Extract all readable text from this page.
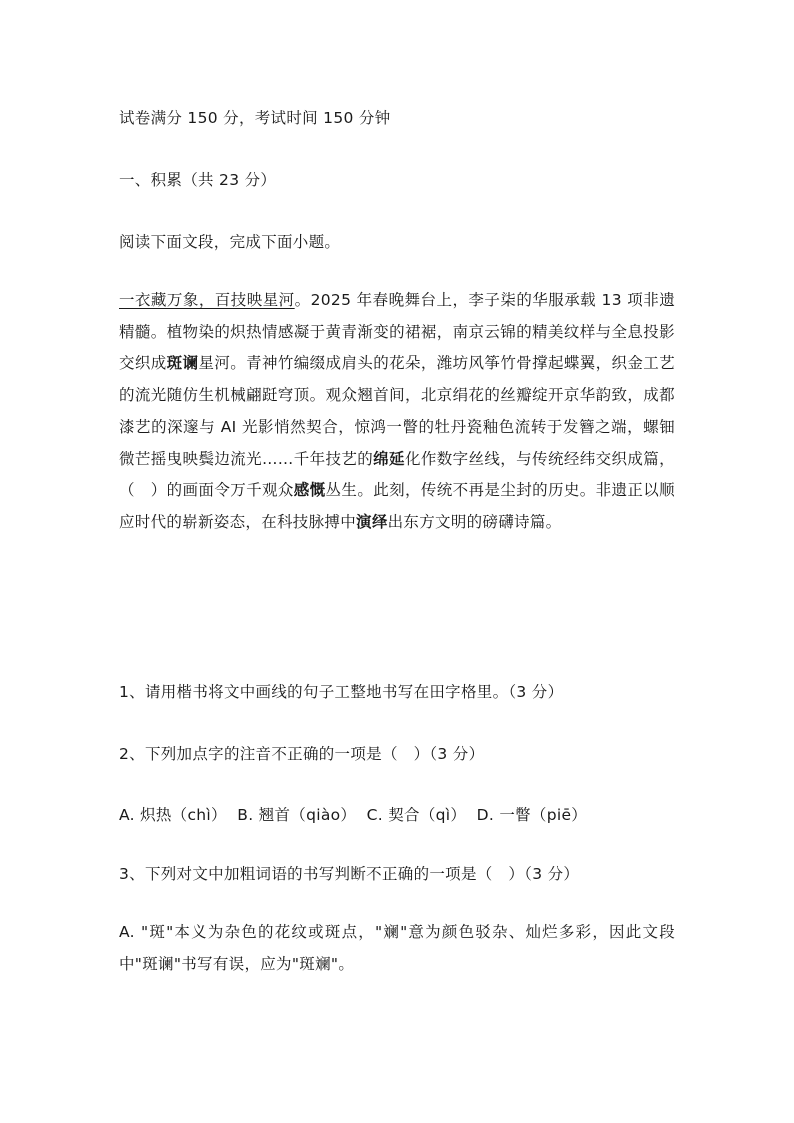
试卷满分 150 分，考试时间 150 分钟
一、积累（共 23 分）
阅读下面文段，完成下面小题。
一衣藏万象，百技映星河。2025 年春晚舞台上，李子柒的华服承载 13 项非遗精髓。植物染的炽热情感凝于黄青渐变的裙裾，南京云锦的精美纹样与全息投影交织成斑谰星河。青神竹编缀成肩头的花朵，潍坊风筝竹骨撑起蝶翼，织金工艺的流光随仿生机械翩跹穹顶。观众翘首间，北京绢花的丝瓣绽开京华韵致，成都漆艺的深邃与 AI 光影悄然契合，惊鸿一瞥的牡丹瓷釉色流转于发簪之端，螺钿微芒摇曳映鬓边流光……千年技艺的绵延化作数字丝线，与传统经纬交织成篇，（　）的画面令万千观众感慨丛生。此刻，传统不再是尘封的历史。非遗正以顺应时代的崭新姿态，在科技脉搏中演绎出东方文明的磅礴诗篇。
1、请用楷书将文中画线的句子工整地书写在田字格里。（3 分）
2、下列加点字的注音不正确的一项是（　）（3 分）
A. 炽热（chì）  B. 翘首（qiào）  C. 契合（qì）  D. 一瞥（piē）
3、下列对文中加粗词语的书写判断不正确的一项是（　）（3 分）
A. "斑"本义为杂色的花纹或斑点，"斓"意为颜色驳杂、灿烂多彩，因此文段中"斑谰"书写有误，应为"斑斓"。
